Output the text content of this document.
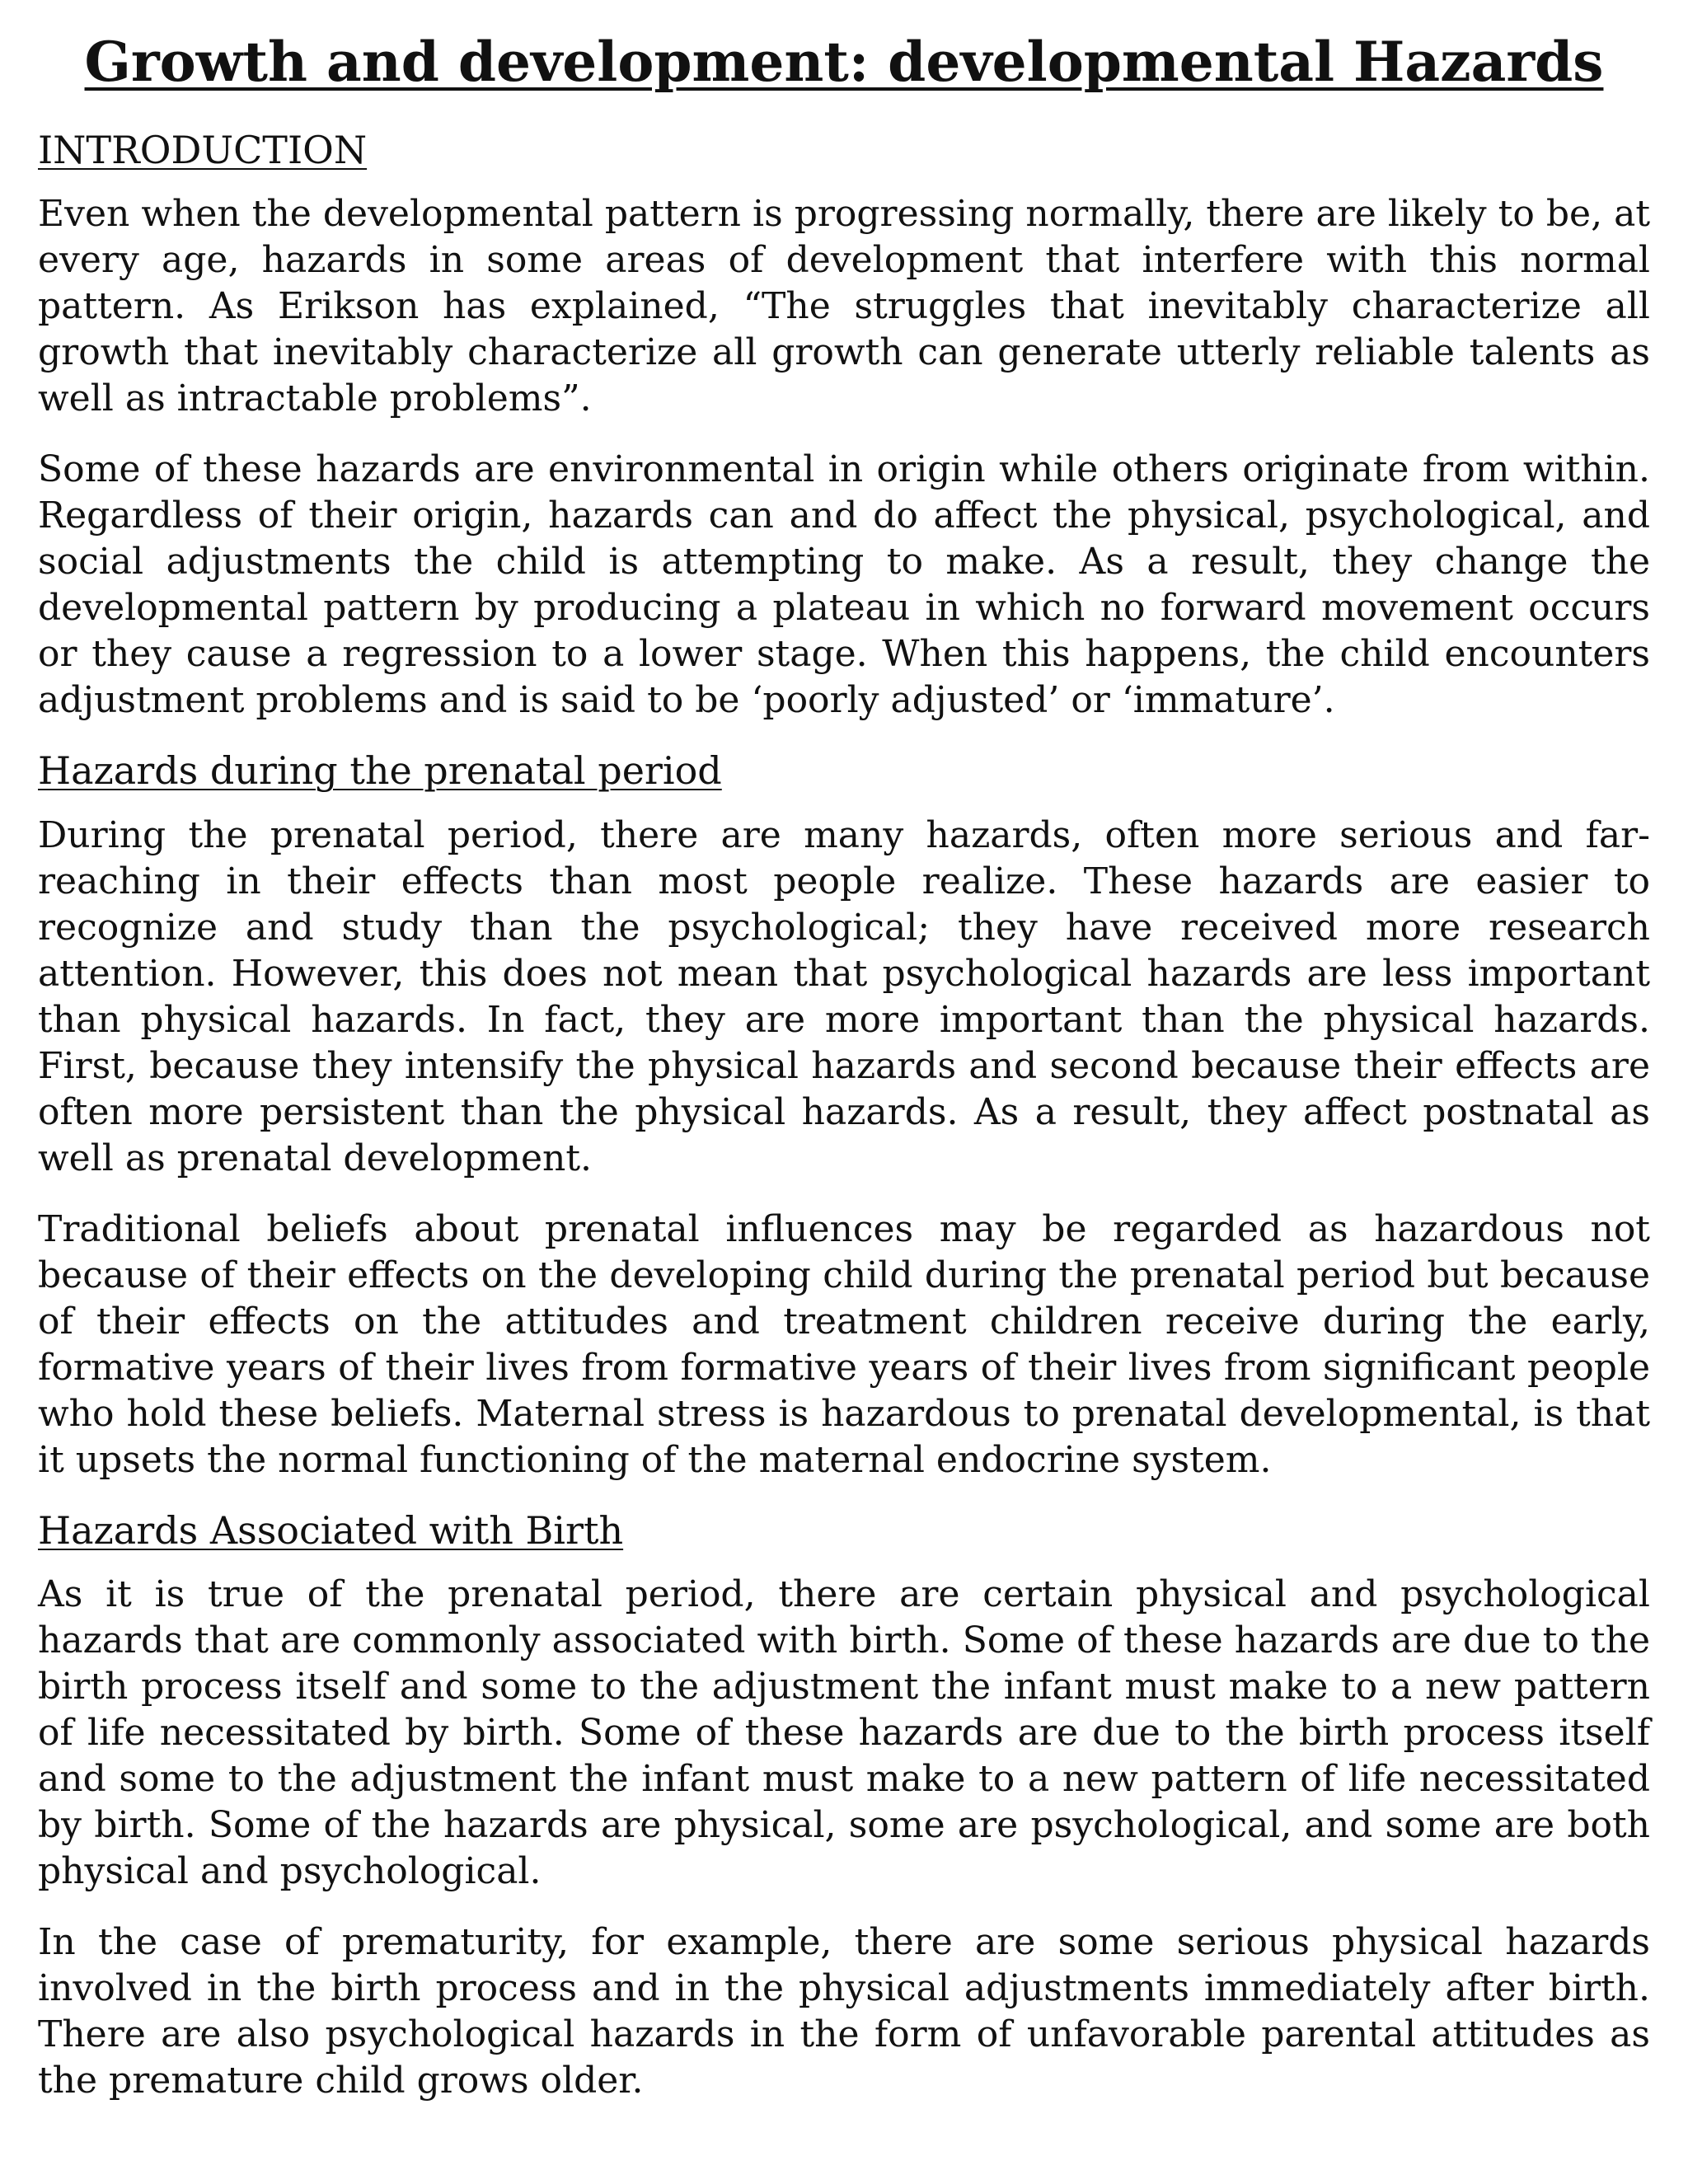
Growth and development: developmental Hazards
INTRODUCTION

Even when the developmental pattern is progressing normally, there are likely to be, at every age, hazards in some areas of development that interfere with this normal pattern. As Erikson has explained, “The struggles that inevitably characterize all growth that inevitably characterize all growth can generate utterly reliable talents as well as intractable problems”.

Some of these hazards are environmental in origin while others originate from within. Regardless of their origin, hazards can and do affect the physical, psychological, and social adjustments the child is attempting to make. As a result, they change the developmental pattern by producing a plateau in which no forward movement occurs or they cause a regression to a lower stage. When this happens, the child encounters adjustment problems and is said to be ‘poorly adjusted’ or ‘immature’.

Hazards during the prenatal period

During the prenatal period, there are many hazards, often more serious and far-reaching in their effects than most people realize. These hazards are easier to recognize and study than the psychological; they have received more research attention. However, this does not mean that psychological hazards are less important than physical hazards. In fact, they are more important than the physical hazards. First, because they intensify the physical hazards and second because their effects are often more persistent than the physical hazards. As a result, they affect postnatal as well as prenatal development.

Traditional beliefs about prenatal influences may be regarded as hazardous not because of their effects on the developing child during the prenatal period but because of their effects on the attitudes and treatment children receive during the early, formative years of their lives from formative years of their lives from significant people who hold these beliefs. Maternal stress is hazardous to prenatal developmental, is that it upsets the normal functioning of the maternal endocrine system.

Hazards Associated with Birth

As it is true of the prenatal period, there are certain physical and psychological hazards that are commonly associated with birth. Some of these hazards are due to the birth process itself and some to the adjustment the infant must make to a new pattern of life necessitated by birth. Some of these hazards are due to the birth process itself and some to the adjustment the infant must make to a new pattern of life necessitated by birth. Some of the hazards are physical, some are psychological, and some are both physical and psychological.

In the case of prematurity, for example, there are some serious physical hazards involved in the birth process and in the physical adjustments immediately after birth. There are also psychological hazards in the form of unfavorable parental attitudes as the premature child grows older.
